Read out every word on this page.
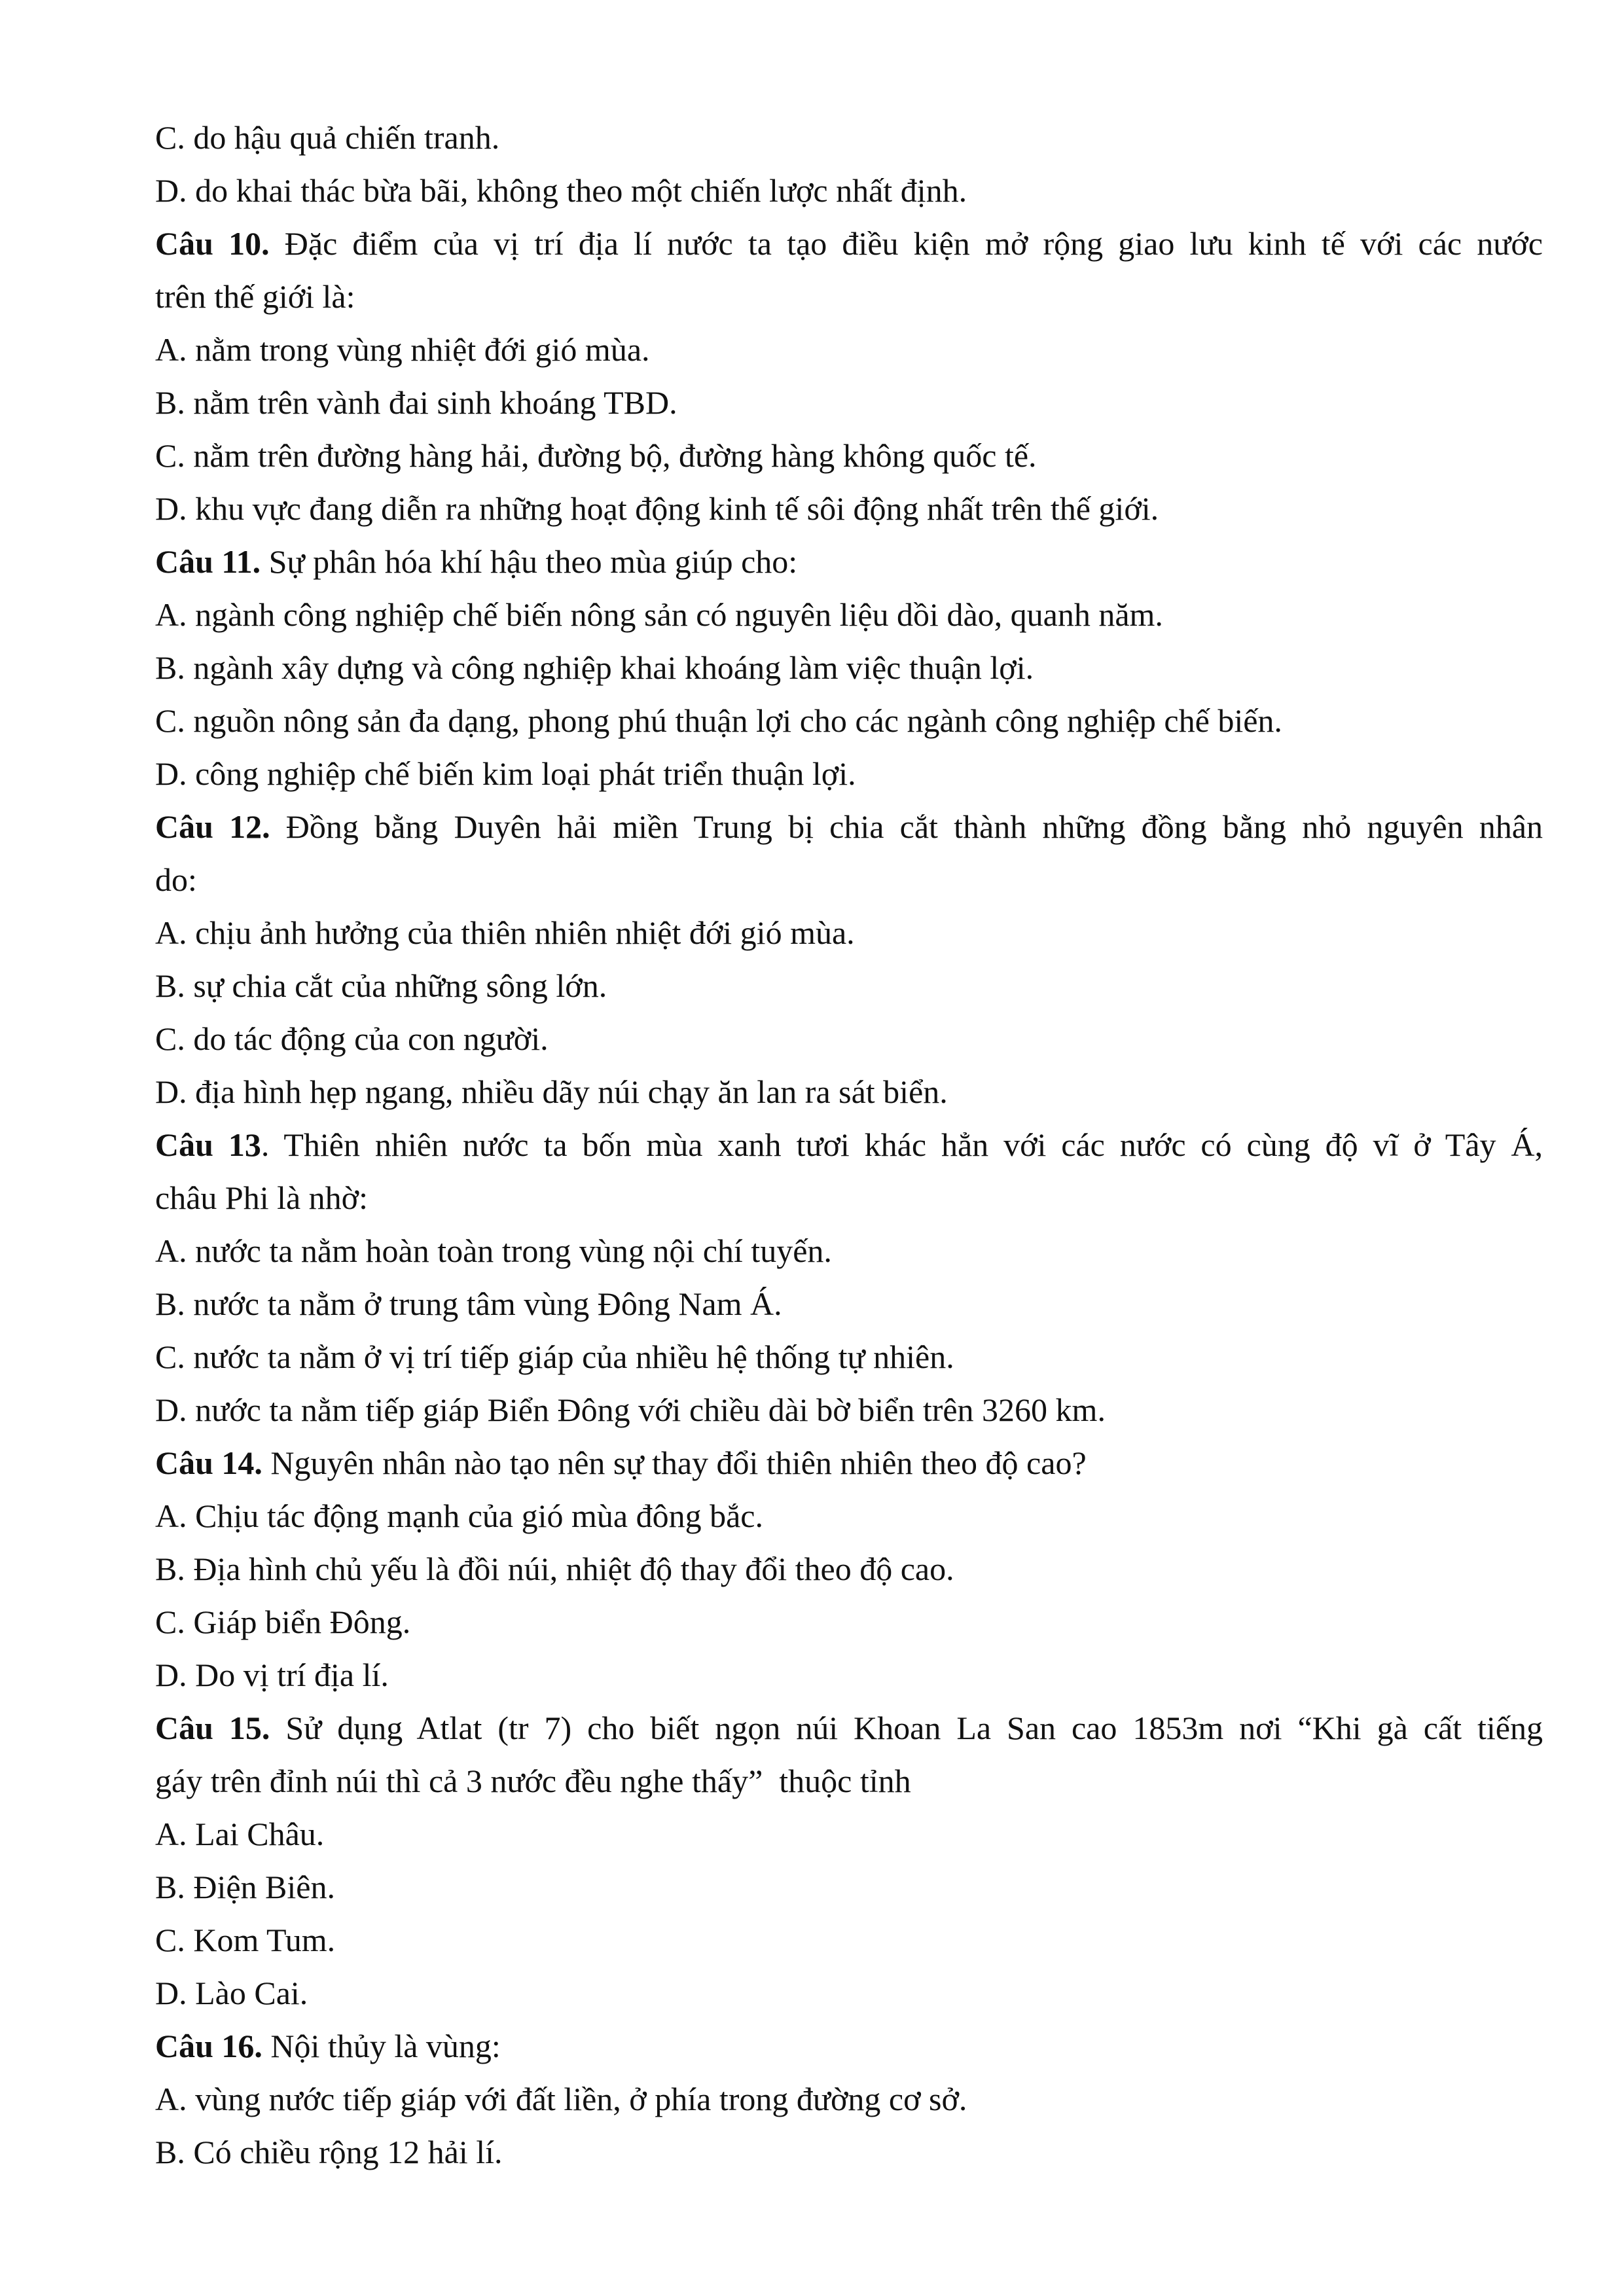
C. do hậu quả chiến tranh.
D. do khai thác bừa bãi, không theo một chiến lược nhất định.
Câu 10. Đặc điểm của vị trí địa lí nước ta tạo điều kiện mở rộng giao lưu kinh tế với các nước
trên thế giới là:
A. nằm trong vùng nhiệt đới gió mùa.
B. nằm trên vành đai sinh khoáng TBD.
C. nằm trên đường hàng hải, đường bộ, đường hàng không quốc tế.
D. khu vực đang diễn ra những hoạt động kinh tế sôi động nhất trên thế giới.
Câu 11. Sự phân hóa khí hậu theo mùa giúp cho:
A. ngành công nghiệp chế biến nông sản có nguyên liệu dồi dào, quanh năm.
B. ngành xây dựng và công nghiệp khai khoáng làm việc thuận lợi.
C. nguồn nông sản đa dạng, phong phú thuận lợi cho các ngành công nghiệp chế biến.
D. công nghiệp chế biến kim loại phát triển thuận lợi.
Câu 12. Đồng bằng Duyên hải miền Trung bị chia cắt thành những đồng bằng nhỏ nguyên nhân
do:
A. chịu ảnh hưởng của thiên nhiên nhiệt đới gió mùa.
B. sự chia cắt của những sông lớn.
C. do tác động của con người.
D. địa hình hẹp ngang, nhiều dãy núi chạy ăn lan ra sát biển.
Câu 13. Thiên nhiên nước ta bốn mùa xanh tươi khác hẳn với các nước có cùng độ vĩ ở Tây Á,
châu Phi là nhờ:
A. nước ta nằm hoàn toàn trong vùng nội chí tuyến.
B. nước ta nằm ở trung tâm vùng Đông Nam Á.
C. nước ta nằm ở vị trí tiếp giáp của nhiều hệ thống tự nhiên.
D. nước ta nằm tiếp giáp Biển Đông với chiều dài bờ biển trên 3260 km.
Câu 14. Nguyên nhân nào tạo nên sự thay đổi thiên nhiên theo độ cao?
A. Chịu tác động mạnh của gió mùa đông bắc.
B. Địa hình chủ yếu là đồi núi, nhiệt độ thay đổi theo độ cao.
C. Giáp biển Đông.
D. Do vị trí địa lí.
Câu 15. Sử dụng Atlat (tr 7) cho biết ngọn núi Khoan La San cao 1853m nơi “Khi gà cất tiếng
gáy trên đỉnh núi thì cả 3 nước đều nghe thấy”  thuộc tỉnh
A. Lai Châu.
B. Điện Biên.
C. Kom Tum.
D. Lào Cai.
Câu 16. Nội thủy là vùng:
A. vùng nước tiếp giáp với đất liền, ở phía trong đường cơ sở.
B. Có chiều rộng 12 hải lí.
